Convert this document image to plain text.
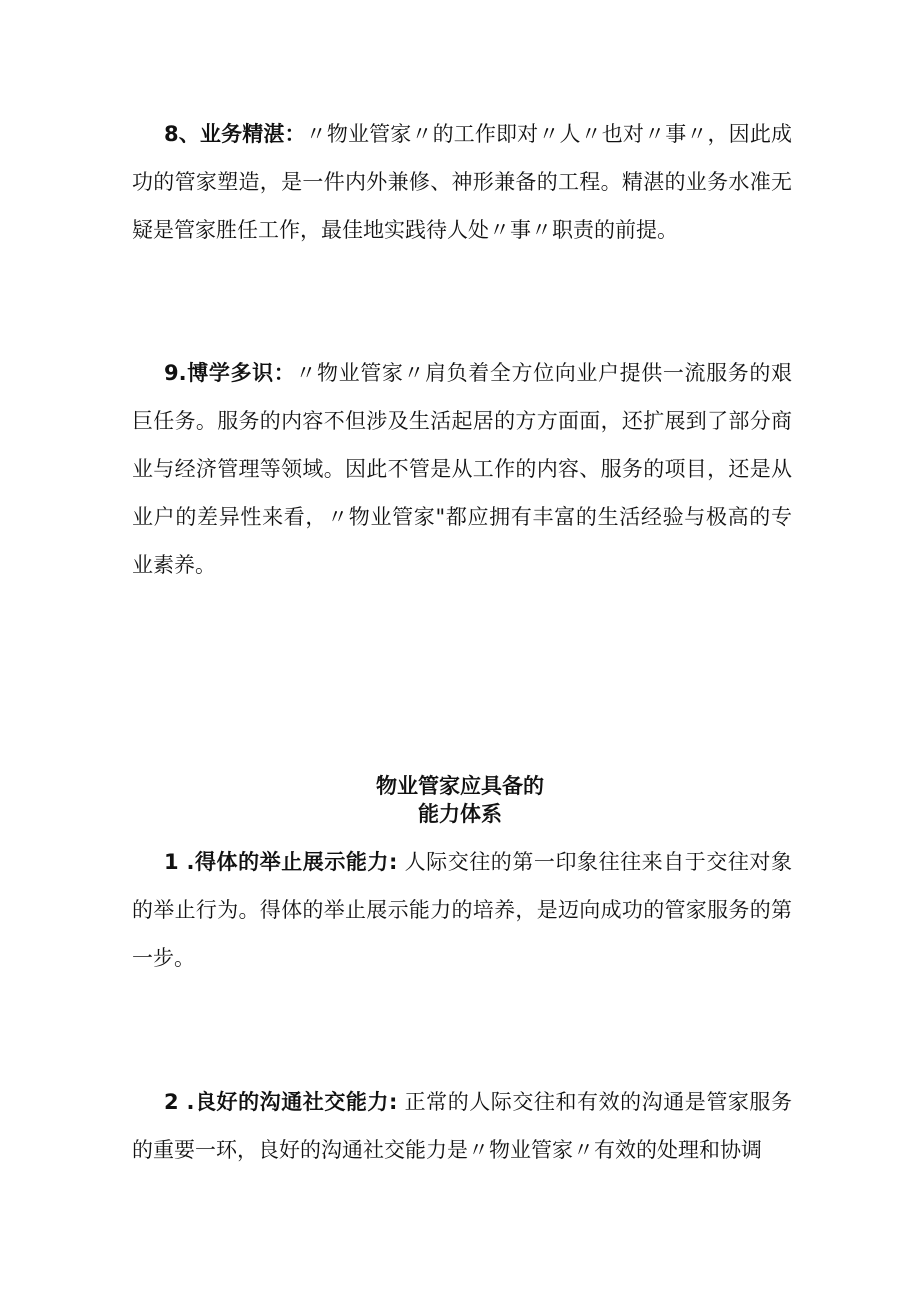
8、业务精湛：〃物业管家〃的工作即对〃人〃也对〃事〃，因此成功的管家塑造，是一件内外兼修、神形兼备的工程。精湛的业务水准无疑是管家胜任工作，最佳地实践待人处〃事〃职责的前提。

9.博学多识：〃物业管家〃肩负着全方位向业户提供一流服务的艰巨任务。服务的内容不但涉及生活起居的方方面面，还扩展到了部分商业与经济管理等领域。因此不管是从工作的内容、服务的项目，还是从业户的差异性来看，〃物业管家"都应拥有丰富的生活经验与极高的专业素养。

物业管家应具备的
能力体系

1 .得体的举止展示能力: 人际交往的第一印象往往来自于交往对象的举止行为。得体的举止展示能力的培养，是迈向成功的管家服务的第一步。

2 .良好的沟通社交能力: 正常的人际交往和有效的沟通是管家服务的重要一环，良好的沟通社交能力是〃物业管家〃有效的处理和协调
